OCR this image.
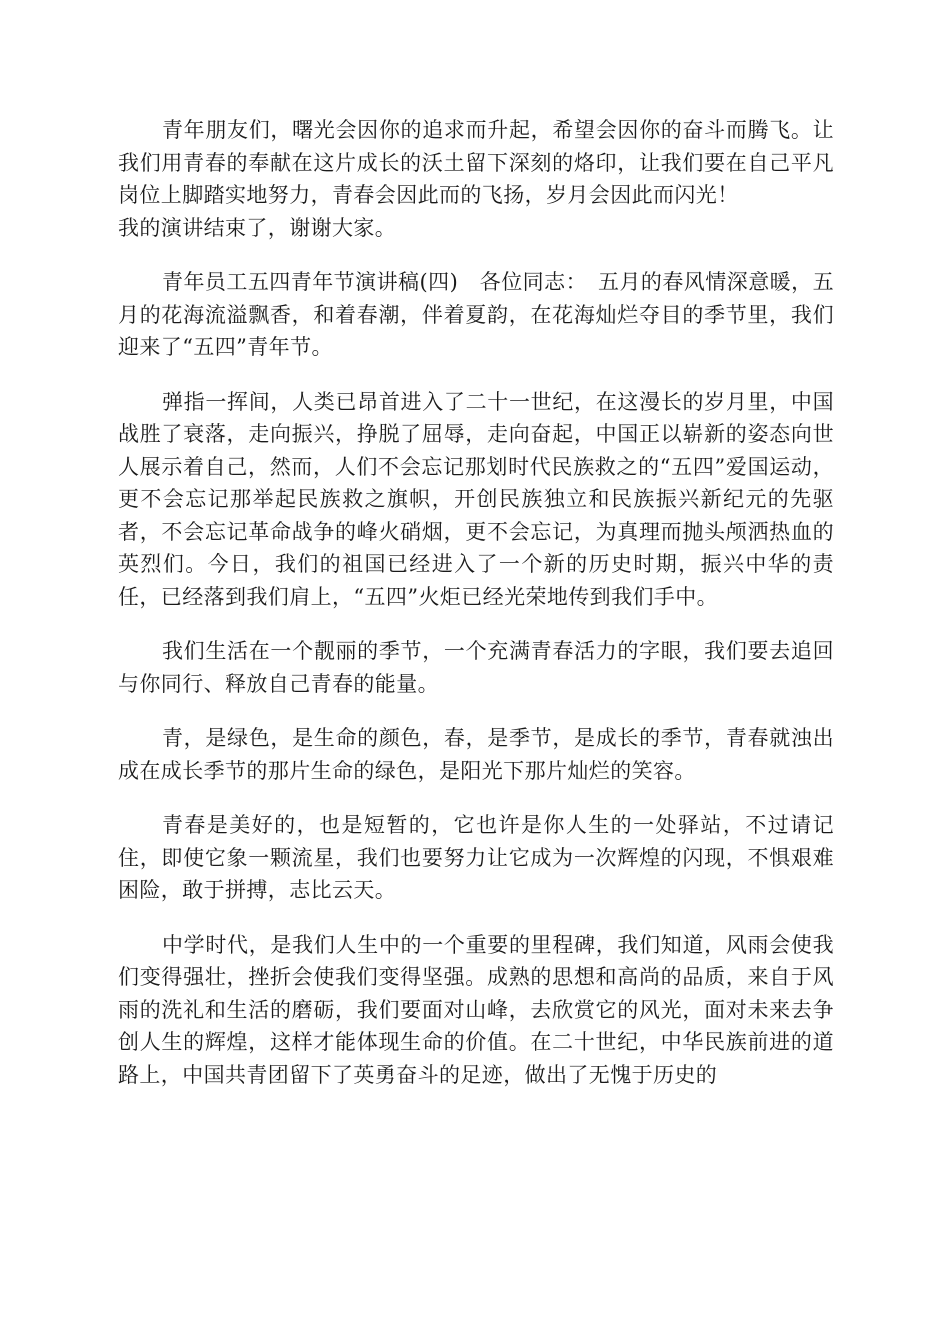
青年朋友们，曙光会因你的追求而升起，希望会因你的奋斗而腾飞。让我们用青春的奉献在这片成长的沃土留下深刻的烙印，让我们要在自己平凡岗位上脚踏实地努力，青春会因此而的飞扬，岁月会因此而闪光！

我的演讲结束了，谢谢大家。

青年员工五四青年节演讲稿(四)　各位同志：　五月的春风情深意暖，五月的花海流溢飘香，和着春潮，伴着夏韵，在花海灿烂夺目的季节里，我们迎来了“五四”青年节。

弹指一挥间，人类已昂首进入了二十一世纪，在这漫长的岁月里，中国战胜了衰落，走向振兴，挣脱了屈辱，走向奋起，中国正以崭新的姿态向世人展示着自己，然而，人们不会忘记那划时代民族救之的“五四”爱国运动，更不会忘记那举起民族救之旗帜，开创民族独立和民族振兴新纪元的先驱者，不会忘记革命战争的峰火硝烟，更不会忘记，为真理而抛头颅洒热血的英烈们。今日，我们的祖国已经进入了一个新的历史时期，振兴中华的责任，已经落到我们肩上，“五四”火炬已经光荣地传到我们手中。

我们生活在一个靓丽的季节，一个充满青春活力的字眼，我们要去追回与你同行、释放自己青春的能量。

青，是绿色，是生命的颜色，春，是季节，是成长的季节，青春就浊出成在成长季节的那片生命的绿色，是阳光下那片灿烂的笑容。

青春是美好的，也是短暂的，它也许是你人生的一处驿站，不过请记住，即使它象一颗流星，我们也要努力让它成为一次辉煌的闪现，不惧艰难困险，敢于拼搏，志比云天。

中学时代，是我们人生中的一个重要的里程碑，我们知道，风雨会使我们变得强壮，挫折会使我们变得坚强。成熟的思想和高尚的品质，来自于风雨的洗礼和生活的磨砺，我们要面对山峰，去欣赏它的风光，面对未来去争创人生的辉煌，这样才能体现生命的价值。在二十世纪，中华民族前进的道路上，中国共青团留下了英勇奋斗的足迹，做出了无愧于历史的
